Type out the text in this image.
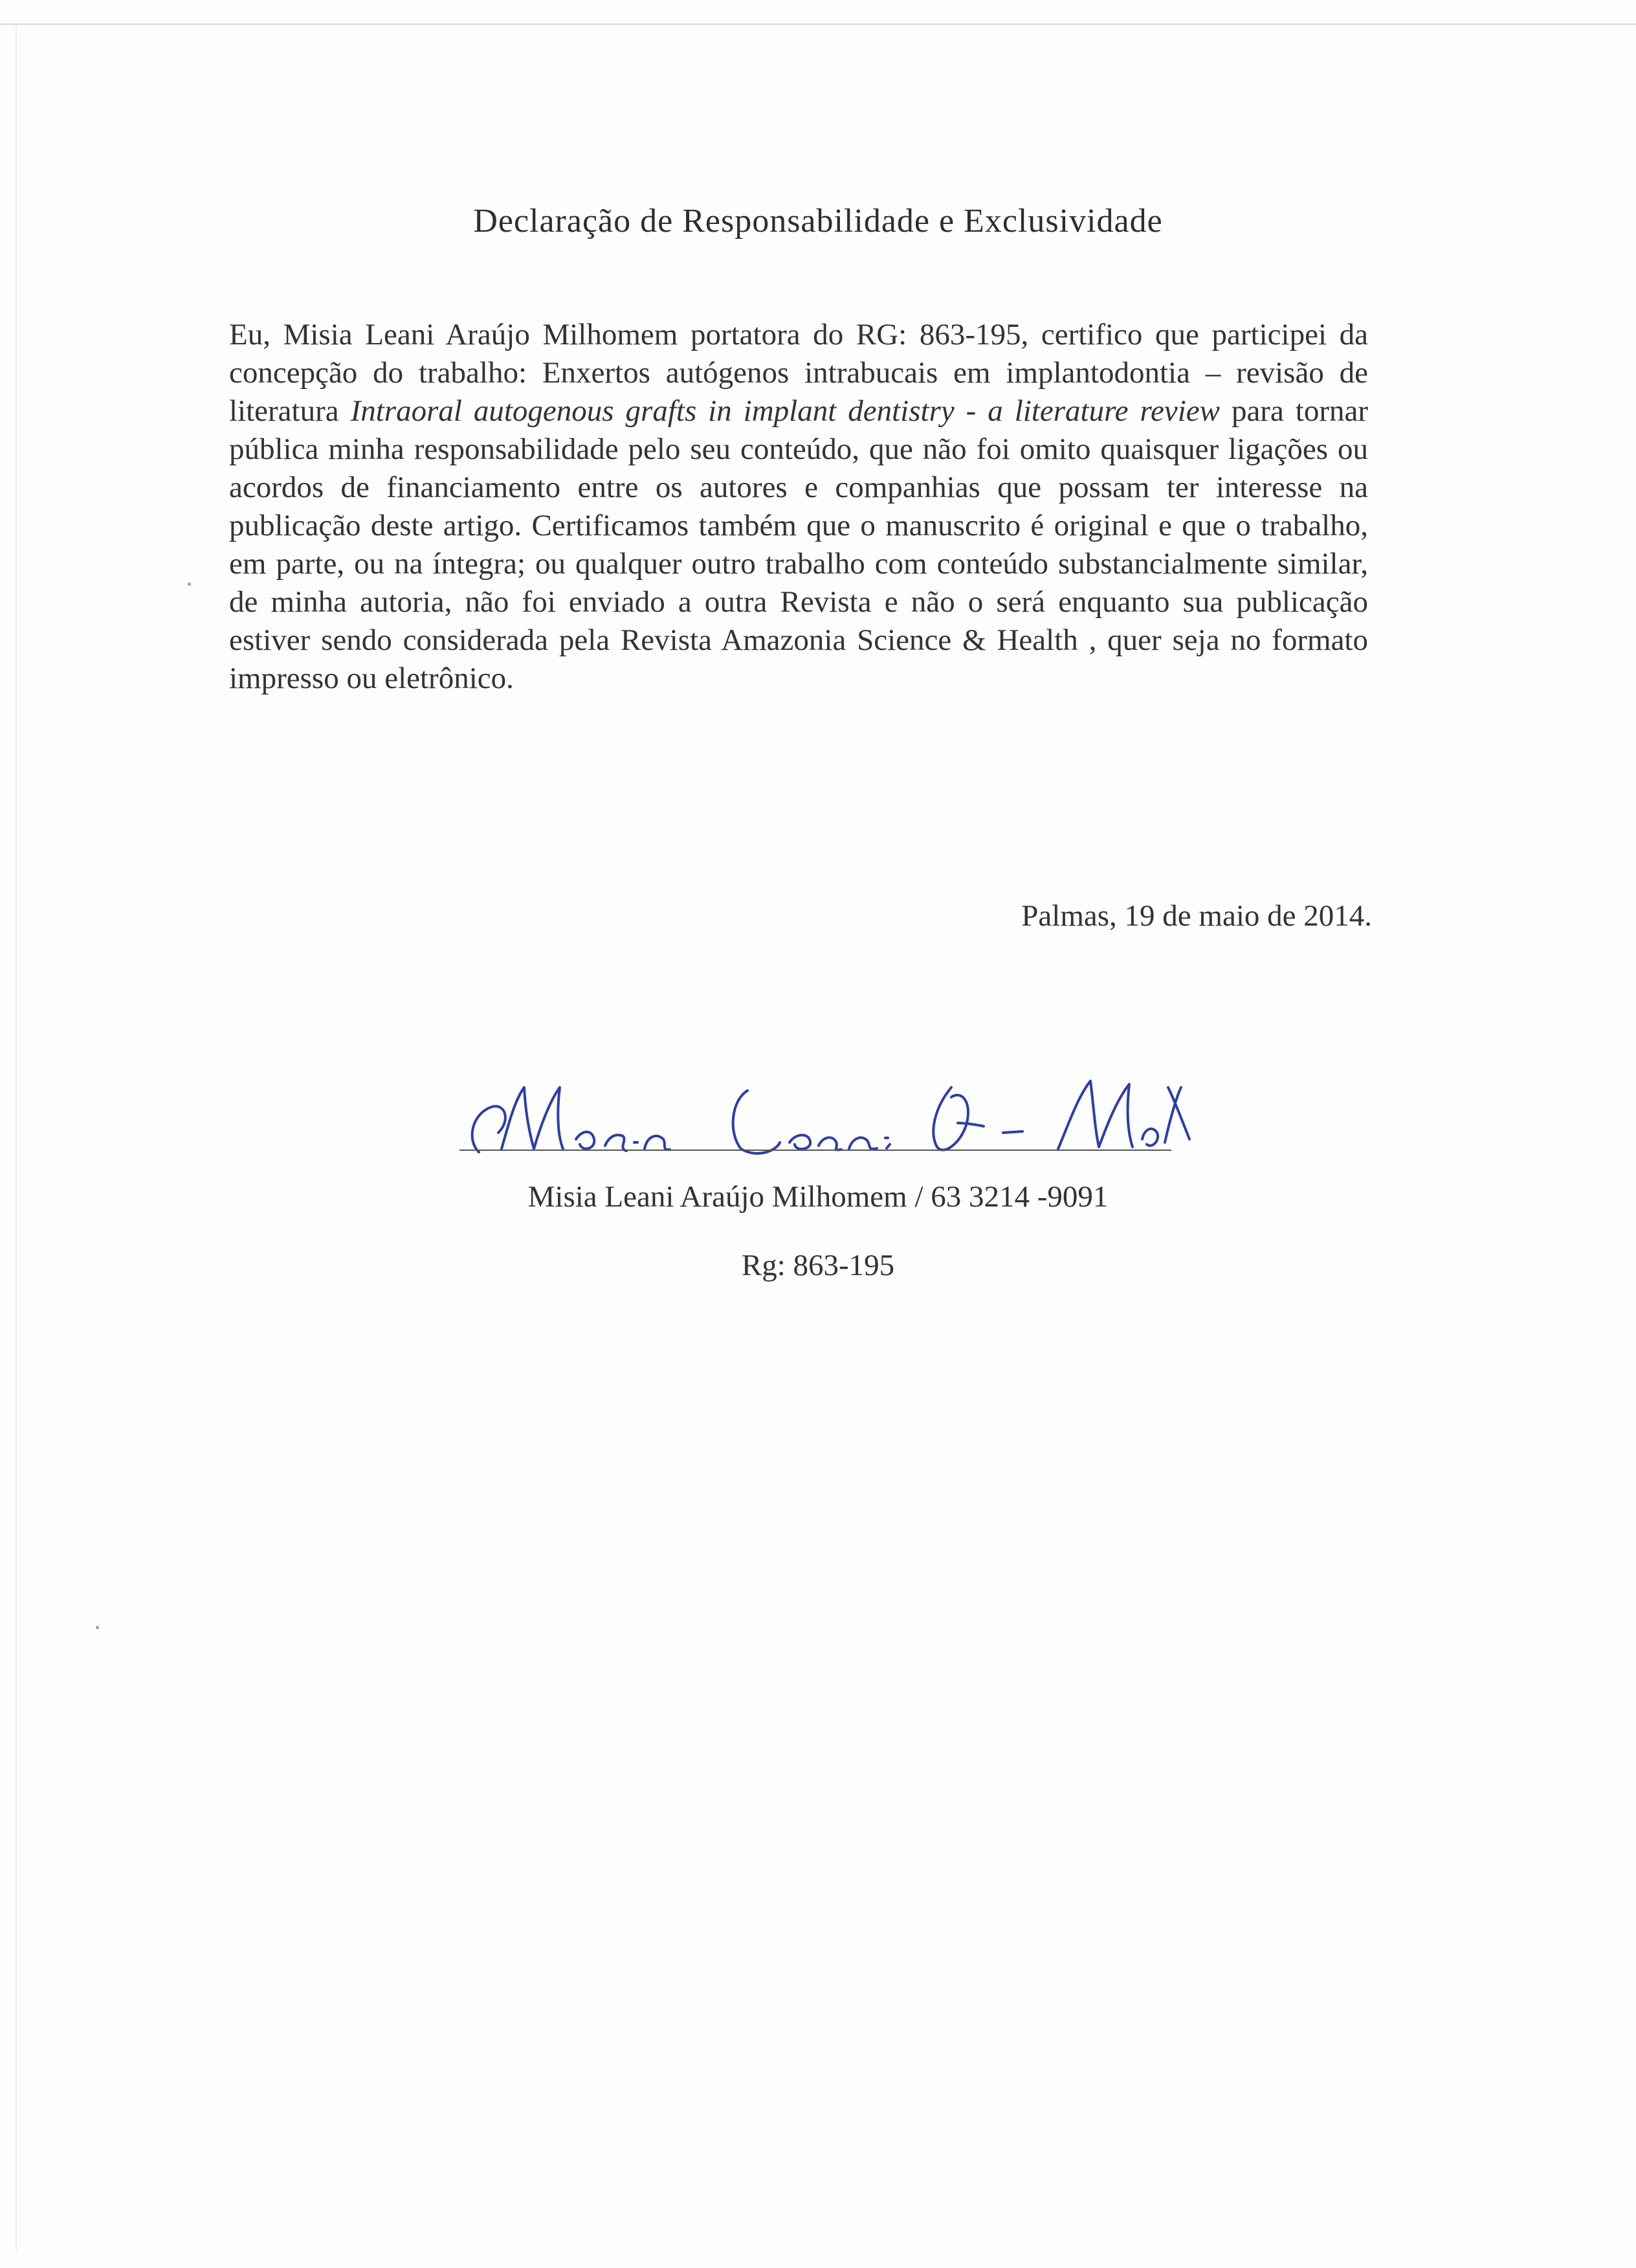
Declaração de Responsabilidade e Exclusividade

Eu, Misia Leani Araújo Milhomem portatora do RG: 863-195, certifico que participei da concepção do trabalho: Enxertos autógenos intrabucais em implantodontia – revisão de literatura Intraoral autogenous grafts in implant dentistry - a literature review para tornar pública minha responsabilidade pelo seu conteúdo, que não foi omito quaisquer ligações ou acordos de financiamento entre os autores e companhias que possam ter interesse na publicação deste artigo. Certificamos também que o manuscrito é original e que o trabalho, em parte, ou na íntegra; ou qualquer outro trabalho com conteúdo substancialmente similar, de minha autoria, não foi enviado a outra Revista e não o será enquanto sua publicação estiver sendo considerada pela Revista Amazonia Science & Health , quer seja no formato impresso ou eletrônico.

Palmas, 19 de maio de 2014.
Misia Leani Araújo Milhomem / 63 3214 -9091
Rg: 863-195
